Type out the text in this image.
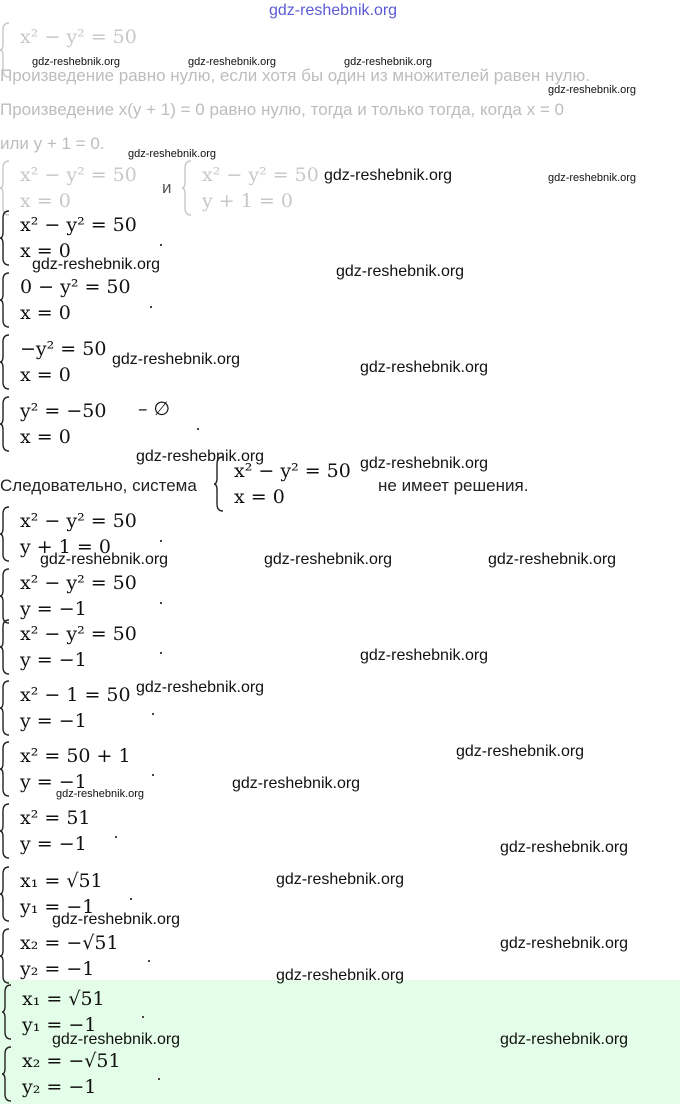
x² − y² = 50
Произведение равно нулю, если хотя бы один из множителей равен нулю.
Произведение x(y + 1) = 0 равно нулю, тогда и только тогда, когда x = 0
или y + 1 = 0.
x² − y² = 50
x = 0
и
x² − y² = 50
y + 1 = 0
x² − y² = 50
x = 0
0 − y² = 50
x = 0
−y² = 50
x = 0
y² = −50
x = 0
– ∅
Следовательно, система
x² − y² = 50
x = 0
не имеет решения.
x² − y² = 50
y + 1 = 0
x² − y² = 50
y = −1
x² − y² = 50
y = −1
x² − 1 = 50
y = −1
x² = 50 + 1
y = −1
x² = 51
y = −1
x₁ = √51
y₁ = −1
x₂ = −√51
y₂ = −1
x₁ = √51
y₁ = −1
x₂ = −√51
y₂ = −1
gdz-reshebnik.org
gdz-reshebnik.org	gdz-reshebnik.org	gdz-reshebnik.org
gdz-reshebnik.org
gdz-reshebnik.org
gdz-reshebnik.org	gdz-reshebnik.org
gdz-reshebnik.org	gdz-reshebnik.org
gdz-reshebnik.org	gdz-reshebnik.org
gdz-reshebnik.org	gdz-reshebnik.org
gdz-reshebnik.org	gdz-reshebnik.org	gdz-reshebnik.org
gdz-reshebnik.org
gdz-reshebnik.org
gdz-reshebnik.org
gdz-reshebnik.org
gdz-reshebnik.org
gdz-reshebnik.org
gdz-reshebnik.org
gdz-reshebnik.org
gdz-reshebnik.org
gdz-reshebnik.org
gdz-reshebnik.org	gdz-reshebnik.org
